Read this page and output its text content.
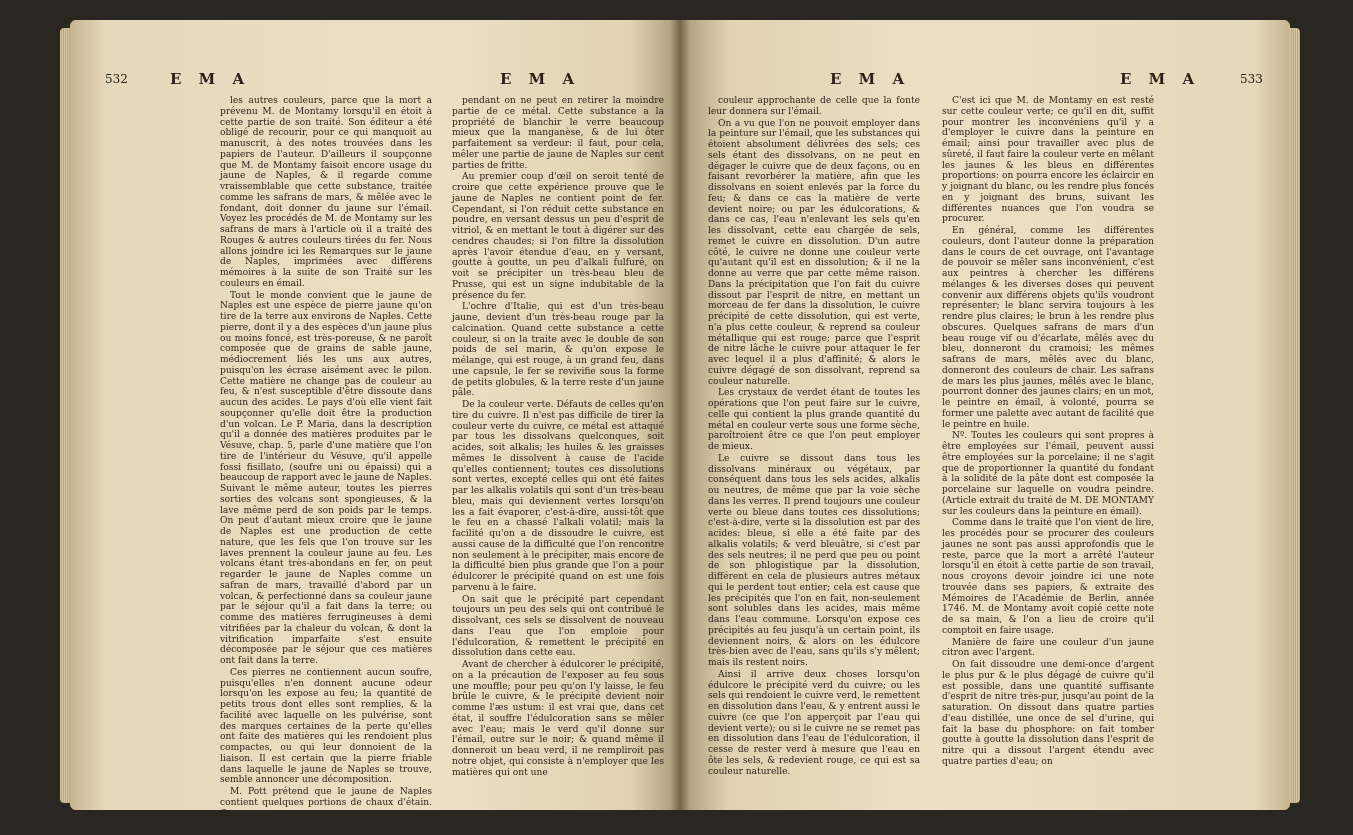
532	E M A	E M A

les autres couleurs, parce que la mort a prévenu M. de Montamy lorsqu'il en étoit à cette partie de son traité. Son éditeur a été obligé de recourir, pour ce qui manquoit au manuscrit, à des notes trouvées dans les papiers de l'auteur. D'ailleurs il soupçonne que M. de Montamy faisoit encore usage du jaune de Naples, & il regarde comme vraissemblable que cette substance, traitée comme les safrans de mars, & mêlée avec le fondant, doit donner du jaune sur l'émail. Voyez les procédés de M. de Montamy sur les safrans de mars à l'article où il a traité des Rouges & autres couleurs tirées du fer. Nous allons joindre ici les Remarques sur le jaune de Naples, imprimées avec différens mémoires à la suite de son Traité sur les couleurs en émail.

Tout le monde convient que le jaune de Naples est une espèce de pierre jaune qu'on tire de la terre aux environs de Naples. Cette pierre, dont il y a des espèces d'un jaune plus ou moins foncé, est très-poreuse, & ne paroît composée que de grains de sable jaune, médiocrement liés les uns aux autres, puisqu'on les écrase aisément avec le pilon. Cette matière ne change pas de couleur au feu, & n'est susceptible d'être dissoute dans aucun des acides. Le pays d'où elle vient fait soupçonner qu'elle doit être la production d'un volcan. Le P. Maria, dans la description qu'il a donnée des matières produites par le Vésuve, chap. 5, parle d'une matière que l'on tire de l'intérieur du Vésuve, qu'il appelle fossi fisillato, (soufre uni ou épaissi) qui a beaucoup de rapport avec le jaune de Naples. Suivant le même auteur, toutes les pierres sorties des volcans sont spongieuses, & la lave même perd de son poids par le temps. On peut d'autant mieux croire que le jaune de Naples est une production de cette nature, que les fels que l'on trouve sur les laves prennent la couleur jaune au feu. Les volcans étant très-abondans en fer, on peut regarder le jaune de Naples comme un safran de mars, travaillé d'abord par un volcan, & perfectionné dans sa couleur jaune par le séjour qu'il a fait dans la terre; ou comme des matières ferrugineuses à demi vitrifiées par la chaleur du volcan, & dont la vitrification imparfaite s'est ensuite décomposée par le séjour que ces matières ont fait dans la terre.

Ces pierres ne contiennent aucun soufre, puisqu'elles n'en donnent aucune odeur lorsqu'on les expose au feu; la quantité de petits trous dont elles sont remplies, & la facilité avec laquelle on les pulvérise, sont des marques certaines de la perte qu'elles ont faite des matières qui les rendoient plus compactes, ou qui leur donnoient de la liaison. Il est certain que la pierre friable dans laquelle le jaune de Naples se trouve, semble annoncer une décomposition.

M. Pott prétend que le jaune de Naples contient quelques portions de chaux d'étain. Ce-

pendant on ne peut en retirer la moindre partie de ce métal. Cette substance a la propriété de blanchir le verre beaucoup mieux que la manganèse, & de lui ôter parfaitement sa verdeur: il faut, pour cela, mêler une partie de jaune de Naples sur cent parties de fritte.

Au premier coup d'œil on seroit tenté de croire que cette expérience prouve que le jaune de Naples ne contient point de fer. Cependant, si l'on réduit cette substance en poudre, en versant dessus un peu d'esprit de vitriol, & en mettant le tout à digérer sur des cendres chaudes; si l'on filtre la dissolution après l'avoir étendue d'eau, en y versant, goutte à goutte, un peu d'alkali fulfuré, on voit se précipiter un très-beau bleu de Prusse, qui est un signe indubitable de la présence du fer.

L'ochre d'Italie, qui est d'un très-beau jaune, devient d'un très-beau rouge par la calcination. Quand cette substance a cette couleur, si on la traite avec le double de son poids de sel marin, & qu'on expose le mélange, qui est rouge, à un grand feu, dans une capsule, le fer se revivifie sous la forme de petits globules, & la terre reste d'un jaune pâle.

De la couleur verte. Défauts de celles qu'on tire du cuivre. Il n'est pas difficile de tirer la couleur verte du cuivre, ce métal est attaqué par tous les dissolvans quelconques, soit acides, soit alkalis; les huiles & les graisses mêmes le dissolvent à cause de l'acide qu'elles contiennent; toutes ces dissolutions sont vertes, excepté celles qui ont été faites par les alkalis volatils qui sont d'un très-beau bleu, mais qui deviennent vertes lorsqu'on les a fait évaporer, c'est-à-dire, aussi-tôt que le feu en a chassé l'alkali volatil; mais la facilité qu'on a de dissoudre le cuivre, est aussi cause de la difficulté que l'on rencontre non seulement à le précipiter, mais encore de la difficulté bien plus grande que l'on a pour édulcorer le précipité quand on est une fois parvenu à le faire.

On sait que le précipité part cependant toujours un peu des sels qui ont contribué le dissolvant, ces sels se dissolvent de nouveau dans l'eau que l'on emploie pour l'édulcoration, & remettent le précipité en dissolution dans cette eau.

Avant de chercher à édulcorer le précipité, on a la précaution de l'exposer au feu sous une mouffle; pour peu qu'on l'y laisse, le feu brûle le cuivre, & le précipité devient noir comme l'æs ustum: il est vrai que, dans cet état, il souffre l'édulcoration sans se mêler avec l'eau; mais le verd qu'il donne sur l'émail, outre sur le noir; & quand même il donneroit un beau verd, il ne rempliroit pas notre objet, qui consiste à n'employer que les matières qui ont une

E M A	E M A	533

couleur approchante de celle que la fonte leur donnera sur l'émail.

On a vu que l'on ne pouvoit employer dans la peinture sur l'émail, que les substances qui étoient absolument délivrées des sels; ces sels étant des dissolvans, on ne peut en dégager le cuivre que de deux façons, ou en faisant revorbérer la matière, afin que les dissolvans en soient enlevés par la force du feu; & dans ce cas la matière de verte devient noire; ou par les édulcorations, & dans ce cas, l'eau n'enlevant les sels qu'en les dissolvant, cette eau chargée de sels, remet le cuivre en dissolution. D'un autre côté, le cuivre ne donne une couleur verte qu'autant qu'il est en dissolution; & il ne la donne au verre que par cette même raison. Dans la précipitation que l'on fait du cuivre dissout par l'esprit de nitre, en mettant un morceau de fer dans la dissolution, le cuivre précipité de cette dissolution, qui est verte, n'a plus cette couleur, & reprend sa couleur métallique qui est rouge; parce que l'esprit de nitre lâche le cuivre pour attaquer le fer avec lequel il a plus d'affinité; & alors le cuivre dégagé de son dissolvant, reprend sa couleur naturelle.

Les crystaux de verdet étant de toutes les opérations que l'on peut faire sur le cuivre, celle qui contient la plus grande quantité du métal en couleur verte sous une forme sèche, paroîtroient être ce que l'on peut employer de mieux.

Le cuivre se dissout dans tous les dissolvans minéraux ou végétaux, par conséquent dans tous les sels acides, alkalis ou neutres, de même que par la voie sèche dans les verres. Il prend toujours une couleur verte ou bleue dans toutes ces dissolutions; c'est-à-dire, verte si la dissolution est par des acides: bleue, si elle a été faite par des alkalis volatils; & verd bleuâtre, si c'est par des sels neutres; il ne perd que peu ou point de son phlogistique par la dissolution, différent en cela de plusieurs autres métaux qui le perdent tout entier; cela est cause que les précipités que l'on en fait, non-seulement sont solubles dans les acides, mais même dans l'eau commune. Lorsqu'on expose ces précipités au feu jusqu'à un certain point, ils deviennent noirs, & alors on les édulcore très-bien avec de l'eau, sans qu'ils s'y mêlent; mais ils restent noirs.

Ainsi il arrive deux choses lorsqu'on édulcore le précipité verd du cuivre; ou les sels qui rendoient le cuivre verd, le remettent en dissolution dans l'eau, & y entrent aussi le cuivre (ce que l'on apperçoit par l'eau qui devient verte); ou si le cuivre ne se remet pas en dissolution dans l'eau de l'édulcoration, il cesse de rester verd à mesure que l'eau en ôte les sels, & redevient rouge, ce qui est sa couleur naturelle.

C'est ici que M. de Montamy en est resté sur cette couleur verte; ce qu'il en dit, suffit pour montrer les inconvéniens qu'il y a d'employer le cuivre dans la peinture en émail; ainsi pour travailler avec plus de sûreté, il faut faire la couleur verte en mêlant les jaunes & les bleus en différentes proportions: on pourra encore les éclaircir en y joignant du blanc, ou les rendre plus foncés en y joignant des bruns, suivant les différentes nuances que l'on voudra se procurer.

En général, comme les différentes couleurs, dont l'auteur donne la préparation dans le cours de cet ouvrage, ont l'avantage de pouvoir se mêler sans inconvénient, c'est aux peintres à chercher les différens mélanges & les diverses doses qui peuvent convenir aux différens objets qu'ils voudront représenter; le blanc servira toujours à les rendre plus claires; le brun à les rendre plus obscures. Quelques safrans de mars d'un beau rouge vif ou d'écarlate, mêlés avec du bleu, donneront du cramoisi; les mêmes safrans de mars, mêlés avec du blanc, donneront des couleurs de chair. Les safrans de mars les plus jaunes, mêlés avec le blanc, pourront donner des jaunes clairs; en un mot, le peintre en émail, à volonté, pourra se former une palette avec autant de facilité que le peintre en huile.

Nº. Toutes les couleurs qui sont propres à être employées sur l'émail, peuvent aussi être employées sur la porcelaine; il ne s'agit que de proportionner la quantité du fondant à la solidité de la pâte dont est composée la porcelaine sur laquelle on voudra peindre. (Article extrait du traité de M. DE MONTAMY sur les couleurs dans la peinture en émail).

Comme dans le traité que l'on vient de lire, les procédés pour se procurer des couleurs jaunes ne sont pas aussi approfondis que le reste, parce que la mort a arrêté l'auteur lorsqu'il en étoit à cette partie de son travail, nous croyons devoir joindre ici une note trouvée dans ses papiers, & extraite des Mémoires de l'Académie de Berlin, année 1746. M. de Montamy avoit copié cette note de sa main, & l'on a lieu de croire qu'il comptoit en faire usage.

Manière de faire une couleur d'un jaune citron avec l'argent.

On fait dissoudre une demi-once d'argent le plus pur & le plus dégagé de cuivre qu'il est possible, dans une quantité suffisante d'esprit de nitre très-pur, jusqu'au point de la saturation. On dissout dans quatre parties d'eau distillée, une once de sel d'urine, qui fait la base du phosphore: on fait tomber goutte à goutte la dissolution dans l'esprit de nitre qui a dissout l'argent étendu avec quatre parties d'eau; on
